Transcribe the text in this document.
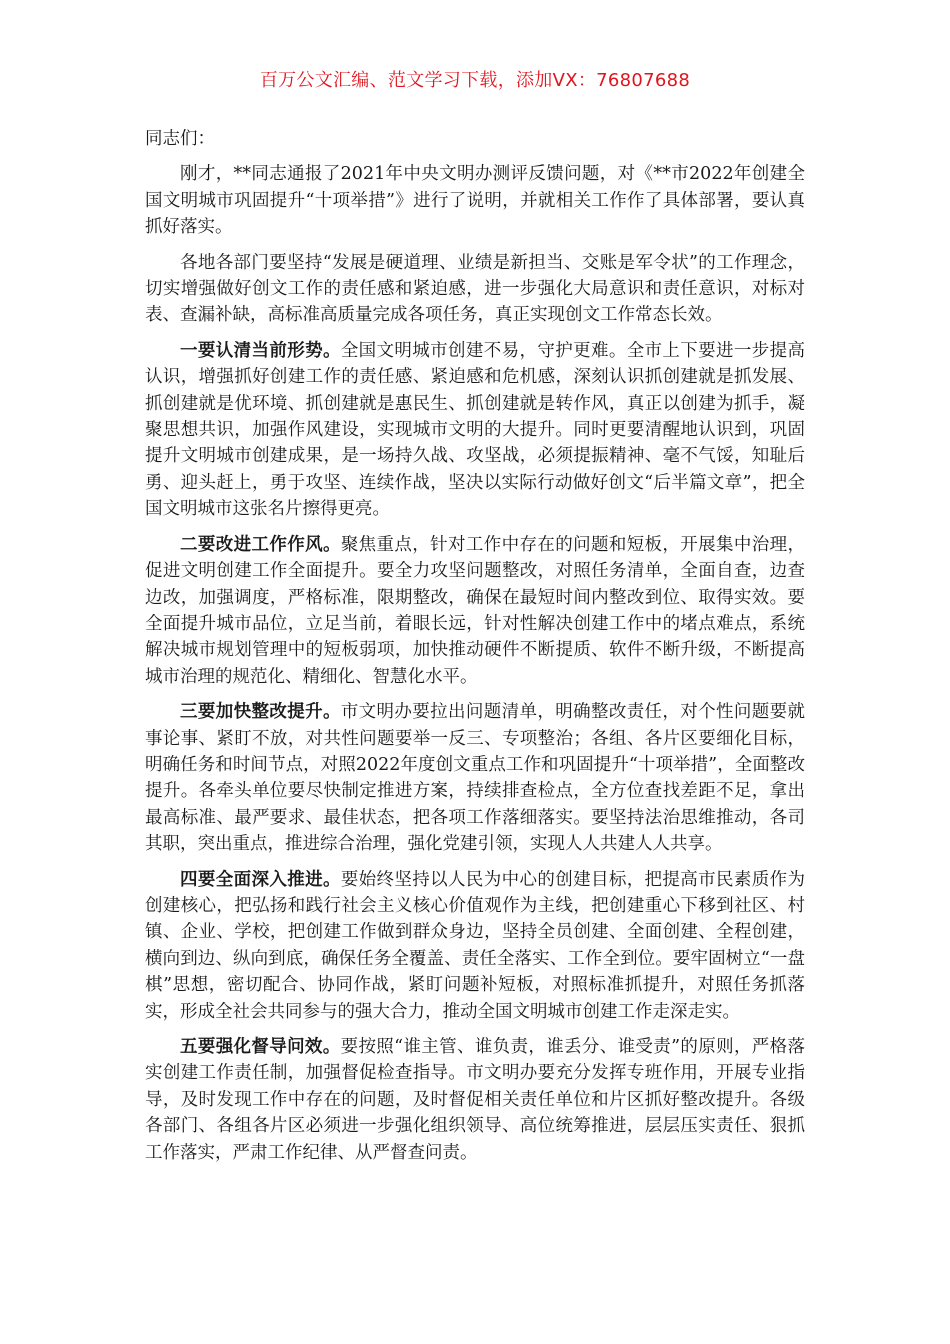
百万公文汇编、范文学习下载，添加VX：76807688

同志们：

刚才，**同志通报了2021年中央文明办测评反馈问题，对《**市2022年创建全国文明城市巩固提升“十项举措”》进行了说明，并就相关工作作了具体部署，要认真抓好落实。

各地各部门要坚持“发展是硬道理、业绩是新担当、交账是军令状”的工作理念，切实增强做好创文工作的责任感和紧迫感，进一步强化大局意识和责任意识，对标对表、查漏补缺，高标准高质量完成各项任务，真正实现创文工作常态长效。

一要认清当前形势。全国文明城市创建不易，守护更难。全市上下要进一步提高认识，增强抓好创建工作的责任感、紧迫感和危机感，深刻认识抓创建就是抓发展、抓创建就是优环境、抓创建就是惠民生、抓创建就是转作风，真正以创建为抓手，凝聚思想共识，加强作风建设，实现城市文明的大提升。同时更要清醒地认识到，巩固提升文明城市创建成果，是一场持久战、攻坚战，必须提振精神、毫不气馁，知耻后勇、迎头赶上，勇于攻坚、连续作战，坚决以实际行动做好创文“后半篇文章”，把全国文明城市这张名片擦得更亮。

二要改进工作作风。聚焦重点，针对工作中存在的问题和短板，开展集中治理，促进文明创建工作全面提升。要全力攻坚问题整改，对照任务清单，全面自查，边查边改，加强调度，严格标准，限期整改，确保在最短时间内整改到位、取得实效。要全面提升城市品位，立足当前，着眼长远，针对性解决创建工作中的堵点难点，系统解决城市规划管理中的短板弱项，加快推动硬件不断提质、软件不断升级，不断提高城市治理的规范化、精细化、智慧化水平。

三要加快整改提升。市文明办要拉出问题清单，明确整改责任，对个性问题要就事论事、紧盯不放，对共性问题要举一反三、专项整治；各组、各片区要细化目标，明确任务和时间节点，对照2022年度创文重点工作和巩固提升“十项举措”，全面整改提升。各牵头单位要尽快制定推进方案，持续排查检点，全方位查找差距不足，拿出最高标准、最严要求、最佳状态，把各项工作落细落实。要坚持法治思维推动，各司其职，突出重点，推进综合治理，强化党建引领，实现人人共建人人共享。

四要全面深入推进。要始终坚持以人民为中心的创建目标，把提高市民素质作为创建核心，把弘扬和践行社会主义核心价值观作为主线，把创建重心下移到社区、村镇、企业、学校，把创建工作做到群众身边，坚持全员创建、全面创建、全程创建，横向到边、纵向到底，确保任务全覆盖、责任全落实、工作全到位。要牢固树立“一盘棋”思想，密切配合、协同作战，紧盯问题补短板，对照标准抓提升，对照任务抓落实，形成全社会共同参与的强大合力，推动全国文明城市创建工作走深走实。

五要强化督导问效。要按照“谁主管、谁负责，谁丢分、谁受责”的原则，严格落实创建工作责任制，加强督促检查指导。市文明办要充分发挥专班作用，开展专业指导，及时发现工作中存在的问题，及时督促相关责任单位和片区抓好整改提升。各级各部门、各组各片区必须进一步强化组织领导、高位统筹推进，层层压实责任、狠抓工作落实，严肃工作纪律、从严督查问责。
